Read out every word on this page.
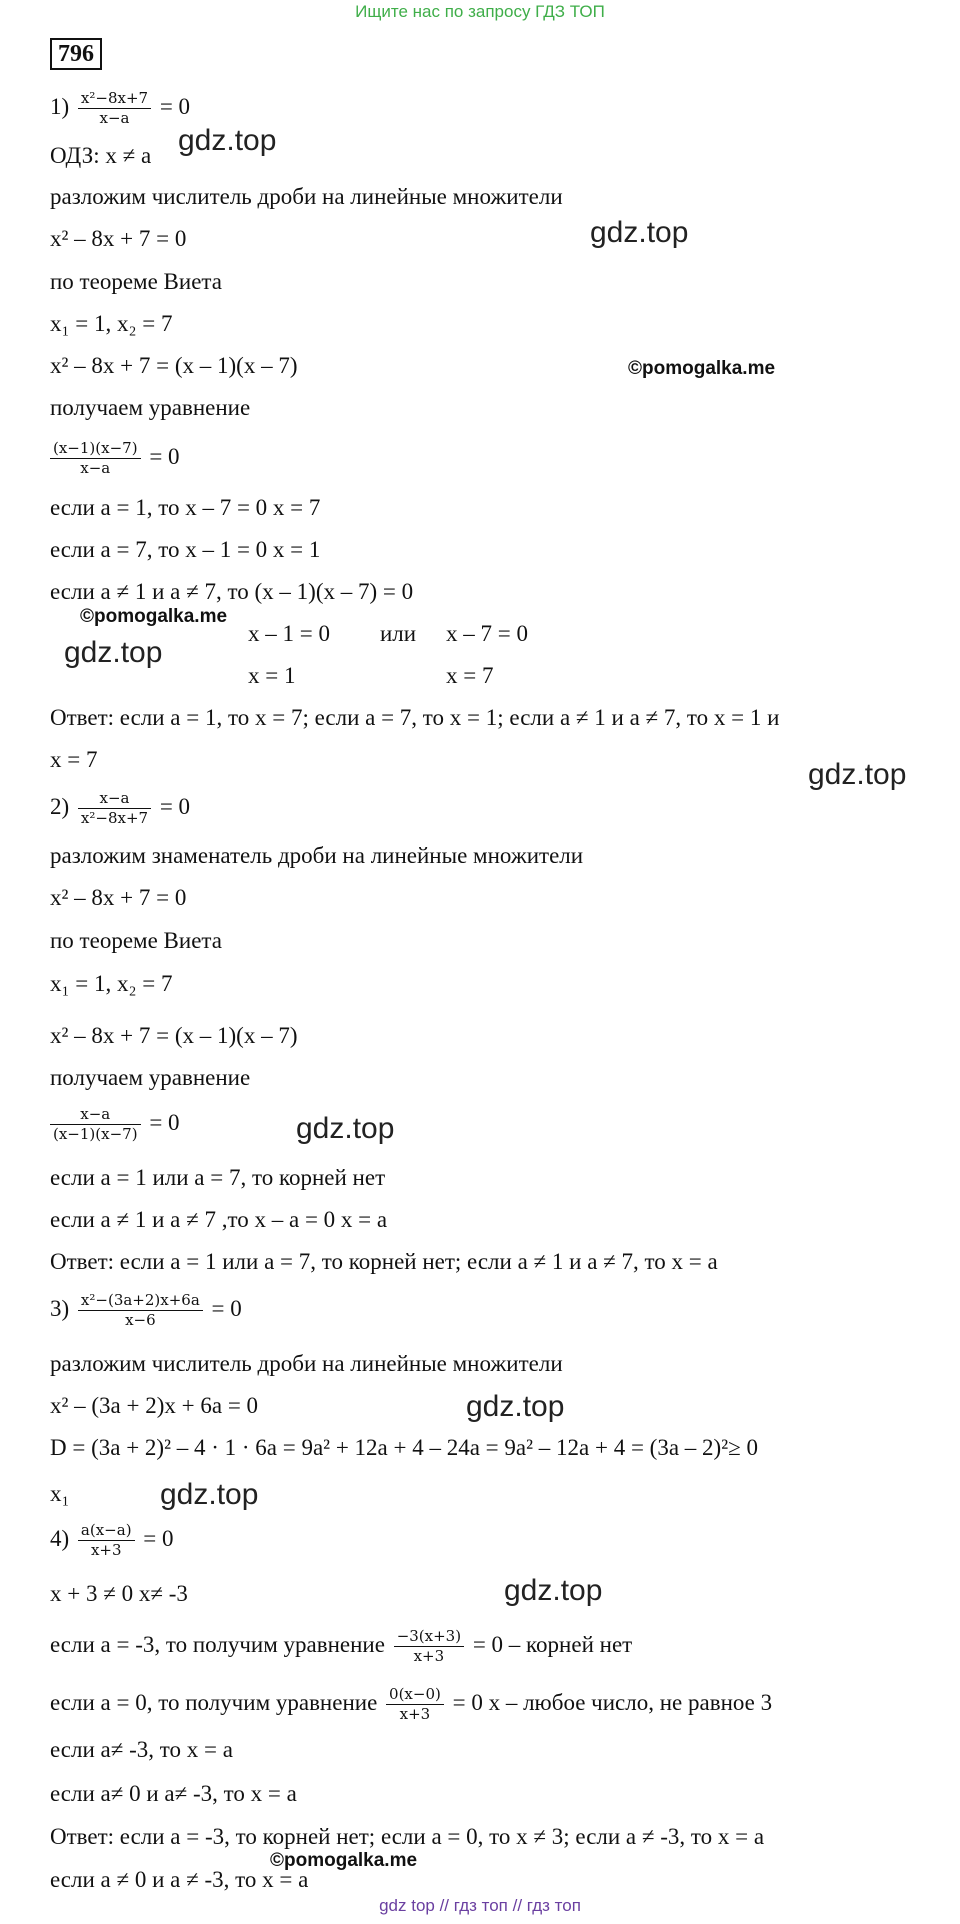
Ищите нас по запросу ГДЗ ТОП
796
$1) \frac{\text{x²−8x+7}}{x-a} = 0$
ОДЗ: x ≠ a
разложим числитель дроби на линейные множители
x² – 8x + 7 = 0
по теореме Виета
x₁ = 1, x₂ = 7
x² – 8x + 7 = (x – 1)(x – 7)
получаем уравнение
$\frac{(x-1)(x-7)}{x-a} = 0$
если a = 1, то x – 7 = 0 x = 7
если a = 7, то x – 1 = 0 x = 1
если a ≠ 1 и a ≠ 7, то (x – 1)(x – 7) = 0
x – 1 = 0 или x – 7 = 0
x = 1	x = 7
Ответ: если a = 1, то x = 7; если a = 7, то x = 1; если a ≠ 1 и a ≠ 7, то x = 1 и
x = 7
$2) \frac{x-a}{\text{x²−8x+7}} = 0$
разложим знаменатель дроби на линейные множители
x² – 8x + 7 = 0
по теореме Виета
x₁ = 1, x₂ = 7
x² – 8x + 7 = (x – 1)(x – 7)
получаем уравнение
$\frac{x-a}{(x-1)(x-7)} = 0$
если a = 1 или a = 7, то корней нет
если a ≠ 1 и a ≠ 7 ,то x – a = 0 x = a
Ответ: если a = 1 или a = 7, то корней нет; если a ≠ 1 и a ≠ 7, то x = a
$3) \frac{\text{x²−(3a+2)x+6a}}{x-6} = 0$
разложим числитель дроби на линейные множители
x² – (3a + 2)x + 6a = 0
D = (3a + 2)² – 4 · 1 · 6a = 9a² + 12a + 4 – 24a = 9a² – 12a + 4 = (3a – 2)²≥ 0
x₁
$4) \frac{a(x-a)}{x+3} = 0$
x + 3 ≠ 0 x≠ -3
если a = -3, то получим уравнение $\frac{-3(x+3)}{x+3} = 0$ – корней нет
если a = 0, то получим уравнение $\frac{0(x-0)}{x+3} = 0$ x – любое число, не равное 3
если a≠ -3, то x = a
если a≠ 0 и a≠ -3, то x = a
Ответ: если a = -3, то корней нет; если a = 0, то x ≠ 3; если a ≠ -3, то x = a
если a ≠ 0 и a ≠ -3, то x = a
gdz.top
gdz.top
©pomogalka.me
©pomogalka.me
gdz.top
gdz.top
gdz.top
gdz.top
gdz.top
gdz.top
©pomogalka.me
gdz top // гдз топ // гдз топ
